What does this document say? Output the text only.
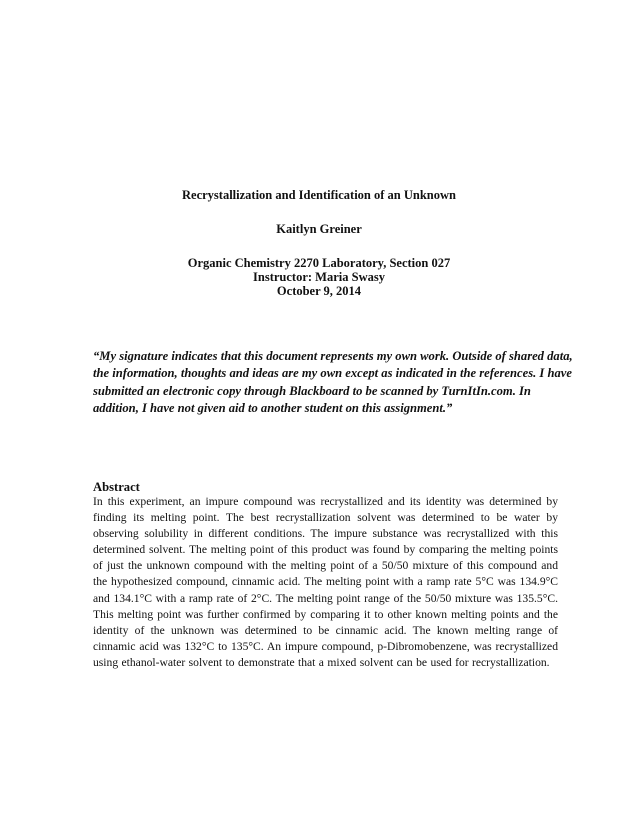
Recrystallization and Identification of an Unknown
Kaitlyn Greiner
Organic Chemistry 2270 Laboratory, Section 027
Instructor: Maria Swasy
October 9, 2014
“My signature indicates that this document represents my own work. Outside of shared data, the information, thoughts and ideas are my own except as indicated in the references. I have submitted an electronic copy through Blackboard to be scanned by TurnItIn.com. In addition, I have not given aid to another student on this assignment.”
Abstract
In this experiment, an impure compound was recrystallized and its identity was determined by finding its melting point. The best recrystallization solvent was determined to be water by observing solubility in different conditions. The impure substance was recrystallized with this determined solvent. The melting point of this product was found by comparing the melting points of just the unknown compound with the melting point of a 50/50 mixture of this compound and the hypothesized compound, cinnamic acid. The melting point with a ramp rate 5°C was 134.9°C and 134.1°C with a ramp rate of 2°C. The melting point range of the 50/50 mixture was 135.5°C. This melting point was further confirmed by comparing it to other known melting points and the identity of the unknown was determined to be cinnamic acid. The known melting range of cinnamic acid was 132°C to 135°C. An impure compound, p-Dibromobenzene, was recrystallized using ethanol-water solvent to demonstrate that a mixed solvent can be used for recrystallization.
